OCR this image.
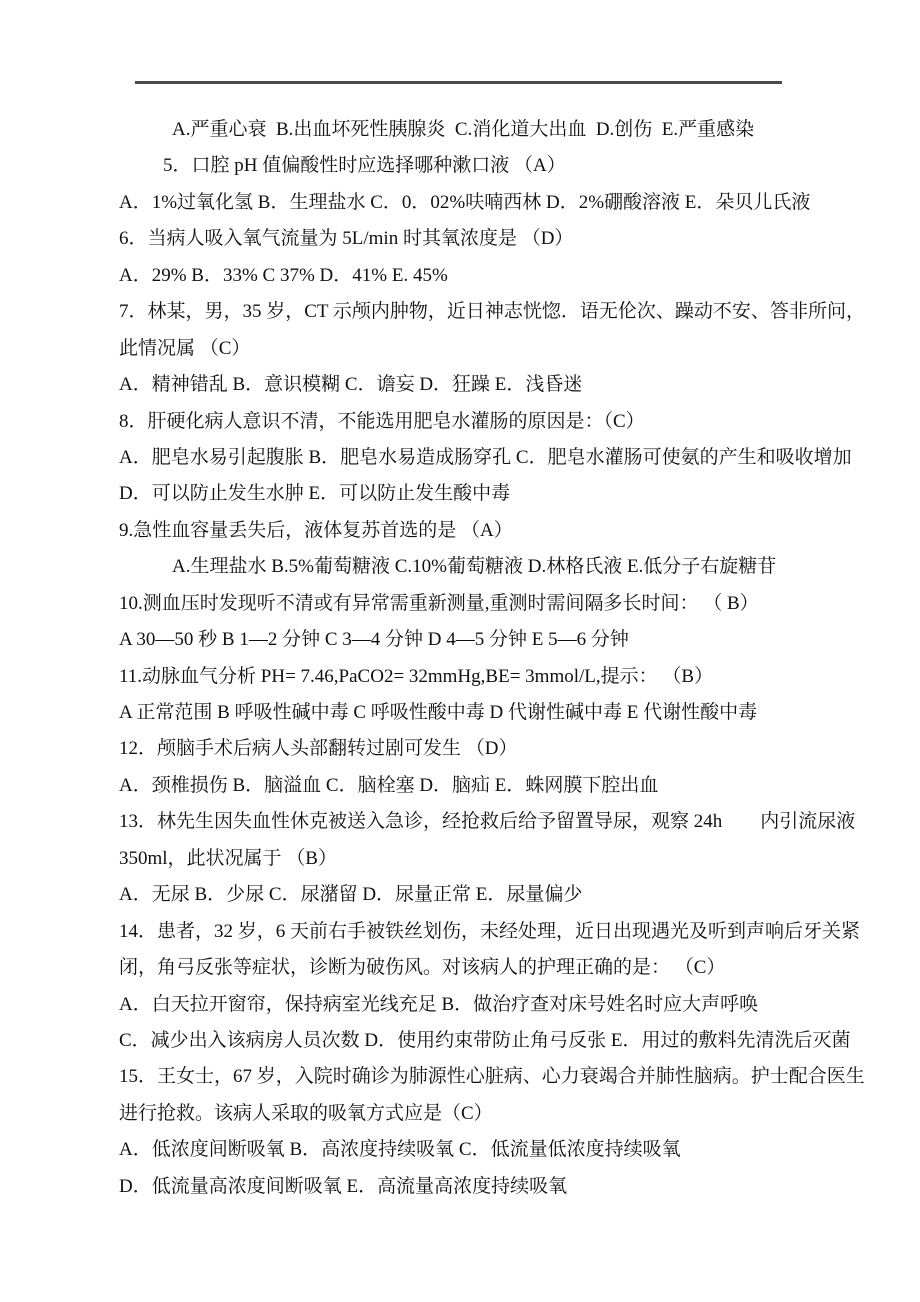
A.严重心衰  B.出血坏死性胰腺炎  C.消化道大出血  D.创伤  E.严重感染
5．口腔 pH 值偏酸性时应选择哪种漱口液 （A）
A．1%过氧化氢 B．生理盐水 C．0．02%呋喃西林 D．2%硼酸溶液 E．朵贝儿氏液
6．当病人吸入氧气流量为 5L/min 时其氧浓度是 （D）
A．29% B．33% C 37% D．41% E. 45%
7．林某，男，35 岁，CT 示颅内肿物，近日神志恍惚．语无伦次、躁动不安、答非所问，
此情况属 （C）
A．精神错乱 B．意识模糊 C．谵妄 D．狂躁 E．浅昏迷
8．肝硬化病人意识不清，不能选用肥皂水灌肠的原因是：（C）
A．肥皂水易引起腹胀 B．肥皂水易造成肠穿孔 C．肥皂水灌肠可使氨的产生和吸收增加
D．可以防止发生水肿 E．可以防止发生酸中毒
9.急性血容量丢失后，液体复苏首选的是 （A）
A.生理盐水 B.5%葡萄糖液 C.10%葡萄糖液 D.林格氏液 E.低分子右旋糖苷
10.测血压时发现听不清或有异常需重新测量,重测时需间隔多长时间： （ B）
A 30—50 秒 B 1—2 分钟 C 3—4 分钟 D 4—5 分钟 E 5—6 分钟
11.动脉血气分析 PH= 7.46,PaCO2= 32mmHg,BE= 3mmol/L,提示： （B）
A 正常范围 B 呼吸性碱中毒 C 呼吸性酸中毒 D 代谢性碱中毒 E 代谢性酸中毒
12．颅脑手术后病人头部翻转过剧可发生 （D）
A．颈椎损伤 B．脑溢血 C．脑栓塞 D．脑疝 E．蛛网膜下腔出血
13．林先生因失血性休克被送入急诊，经抢救后给予留置导尿，观察 24h　　内引流尿液
350ml，此状况属于 （B）
A．无尿 B．少尿 C．尿潴留 D．尿量正常 E．尿量偏少
14．患者，32 岁，6 天前右手被铁丝划伤，未经处理，近日出现遇光及听到声响后牙关紧
闭，角弓反张等症状，诊断为破伤风。对该病人的护理正确的是： （C）
A．白天拉开窗帘，保持病室光线充足 B．做治疗查对床号姓名时应大声呼唤
C．减少出入该病房人员次数 D．使用约束带防止角弓反张 E．用过的敷料先清洗后灭菌
15．王女士，67 岁，入院时确诊为肺源性心脏病、心力衰竭合并肺性脑病。护士配合医生
进行抢救。该病人采取的吸氧方式应是（C）
A．低浓度间断吸氧 B．高浓度持续吸氧 C．低流量低浓度持续吸氧
D．低流量高浓度间断吸氧 E．高流量高浓度持续吸氧
